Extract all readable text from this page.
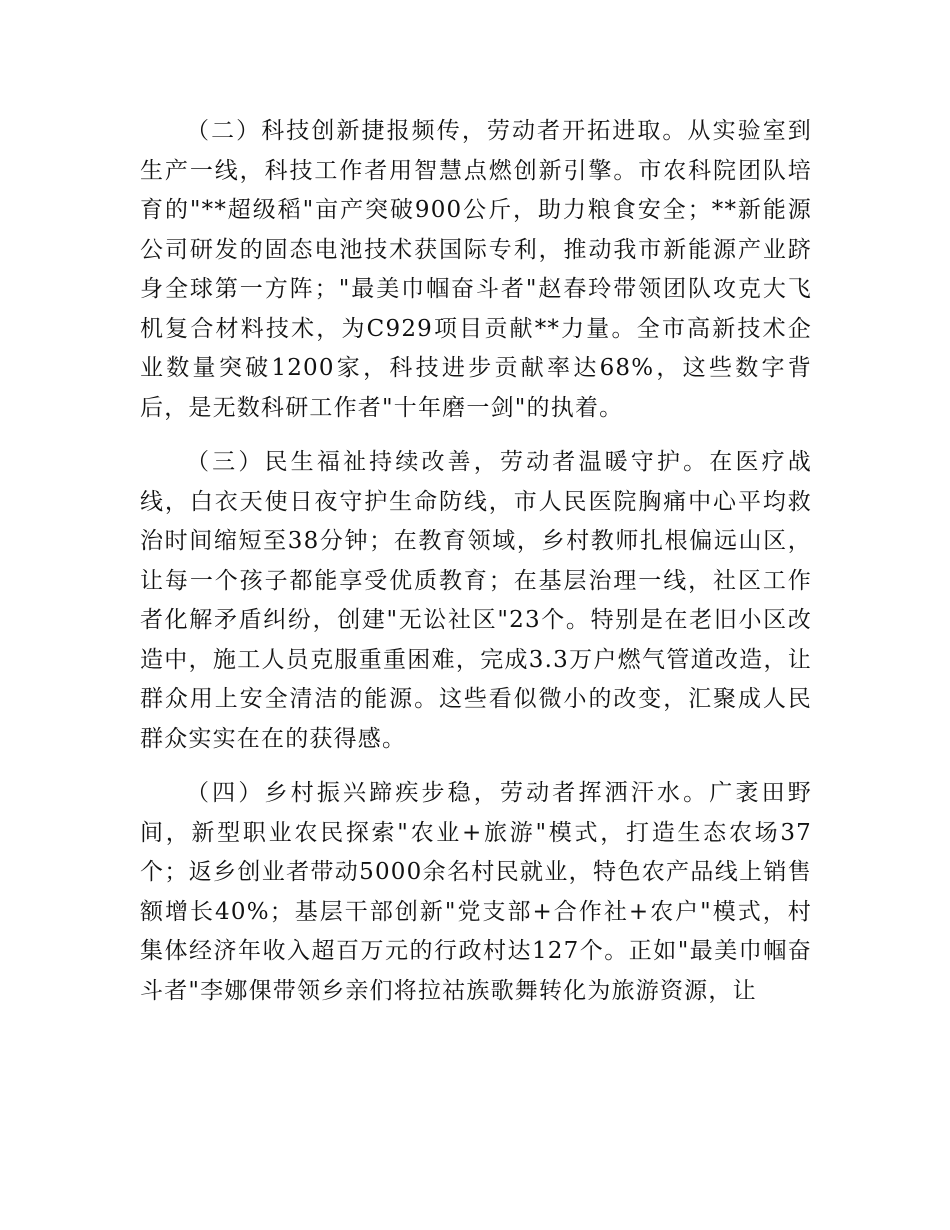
（二）科技创新捷报频传，劳动者开拓进取。从实验室到生产一线，科技工作者用智慧点燃创新引擎。市农科院团队培育的"**超级稻"亩产突破900公斤，助力粮食安全；**新能源公司研发的固态电池技术获国际专利，推动我市新能源产业跻身全球第一方阵；"最美巾帼奋斗者"赵春玲带领团队攻克大飞机复合材料技术，为C929项目贡献**力量。全市高新技术企业数量突破1200家，科技进步贡献率达68%，这些数字背后，是无数科研工作者"十年磨一剑"的执着。

（三）民生福祉持续改善，劳动者温暖守护。在医疗战线，白衣天使日夜守护生命防线，市人民医院胸痛中心平均救治时间缩短至38分钟；在教育领域，乡村教师扎根偏远山区，让每一个孩子都能享受优质教育；在基层治理一线，社区工作者化解矛盾纠纷，创建"无讼社区"23个。特别是在老旧小区改造中，施工人员克服重重困难，完成3.3万户燃气管道改造，让群众用上安全清洁的能源。这些看似微小的改变，汇聚成人民群众实实在在的获得感。

（四）乡村振兴蹄疾步稳，劳动者挥洒汗水。广袤田野间，新型职业农民探索"农业+旅游"模式，打造生态农场37个；返乡创业者带动5000余名村民就业，特色农产品线上销售额增长40%；基层干部创新"党支部+合作社+农户"模式，村集体经济年收入超百万元的行政村达127个。正如"最美巾帼奋斗者"李娜倮带领乡亲们将拉祜族歌舞转化为旅游资源，让
